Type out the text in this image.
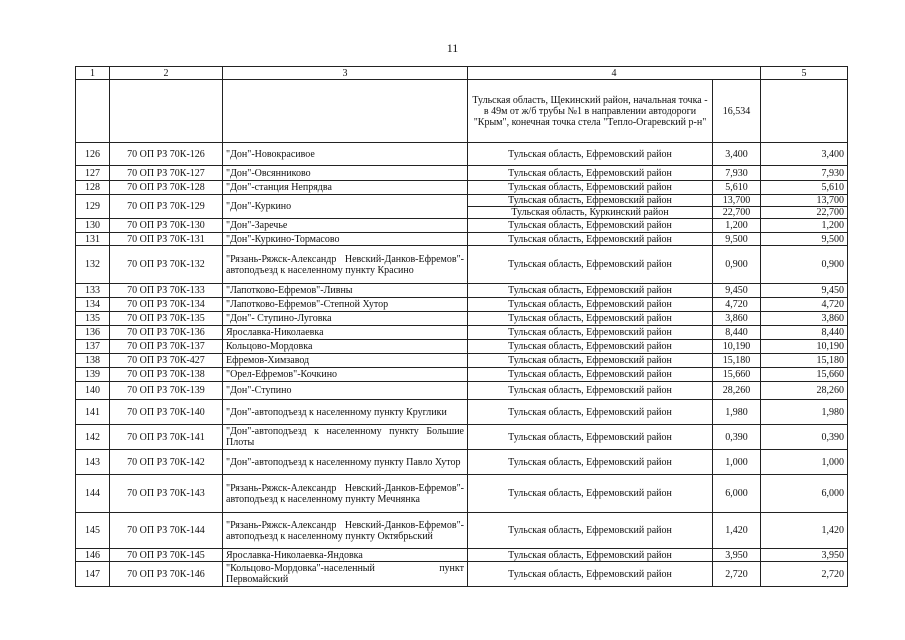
11
1	2	3	4		5
			Тульская область, Щекинский район, начальная точка - в 49м от ж/б трубы №1 в направлении автодороги "Крым", конечная точка стела "Тепло-Огаревский р-н"	16,534	
126	70 ОП РЗ 70К-126	"Дон"-Новокрасивое	Тульская область, Ефремовский район	3,400	3,400
127	70 ОП РЗ 70К-127	"Дон"-Овсянниково	Тульская область, Ефремовский район	7,930	7,930
128	70 ОП РЗ 70К-128	"Дон"-станция Непрядва	Тульская область, Ефремовский район	5,610	5,610
129	70 ОП РЗ 70К-129	"Дон"-Куркино	Тульская область, Ефремовский район	13,700	13,700
			Тульская область, Куркинский район	22,700	22,700
130	70 ОП РЗ 70К-130	"Дон"-Заречье	Тульская область, Ефремовский район	1,200	1,200
131	70 ОП РЗ 70К-131	"Дон"-Куркино-Тормасово	Тульская область, Ефремовский район	9,500	9,500
132	70 ОП РЗ 70К-132	"Рязань-Ряжск-Александр Невский-Данков-Ефремов"-автоподъезд к населенному пункту Красино	Тульская область, Ефремовский район	0,900	0,900
133	70 ОП РЗ 70К-133	"Лапотково-Ефремов"-Ливны	Тульская область, Ефремовский район	9,450	9,450
134	70 ОП РЗ 70К-134	"Лапотково-Ефремов"-Степной Хутор	Тульская область, Ефремовский район	4,720	4,720
135	70 ОП РЗ 70К-135	"Дон"- Ступино-Луговка	Тульская область, Ефремовский район	3,860	3,860
136	70 ОП РЗ 70К-136	Ярославка-Николаевка	Тульская область, Ефремовский район	8,440	8,440
137	70 ОП РЗ 70К-137	Кольцово-Мордовка	Тульская область, Ефремовский район	10,190	10,190
138	70 ОП РЗ 70К-427	Ефремов-Химзавод	Тульская область, Ефремовский район	15,180	15,180
139	70 ОП РЗ 70К-138	"Орел-Ефремов"-Кочкино	Тульская область, Ефремовский район	15,660	15,660
140	70 ОП РЗ 70К-139	"Дон"-Ступино	Тульская область, Ефремовский район	28,260	28,260
141	70 ОП РЗ 70К-140	"Дон"-автоподъезд к населенному пункту Круглики	Тульская область, Ефремовский район	1,980	1,980
142	70 ОП РЗ 70К-141	"Дон"-автоподъезд к населенному пункту Большие Плоты	Тульская область, Ефремовский район	0,390	0,390
143	70 ОП РЗ 70К-142	"Дон"-автоподъезд к населенному пункту Павло Хутор	Тульская область, Ефремовский район	1,000	1,000
144	70 ОП РЗ 70К-143	"Рязань-Ряжск-Александр Невский-Данков-Ефремов"-автоподъезд к населенному пункту Мечнянка	Тульская область, Ефремовский район	6,000	6,000
145	70 ОП РЗ 70К-144	"Рязань-Ряжск-Александр Невский-Данков-Ефремов"-автоподъезд к населенному пункту Октябрьский	Тульская область, Ефремовский район	1,420	1,420
146	70 ОП РЗ 70К-145	Ярославка-Николаевка-Яндовка	Тульская область, Ефремовский район	3,950	3,950
147	70 ОП РЗ 70К-146	"Кольцово-Мордовка"-населенный пункт Первомайский	Тульская область, Ефремовский район	2,720	2,720
